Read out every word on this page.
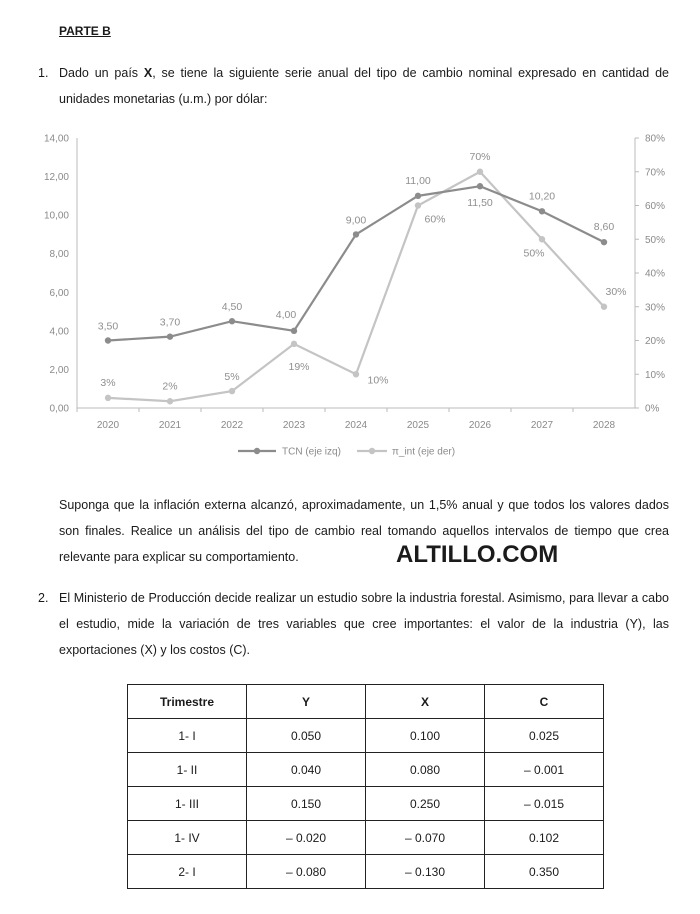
PARTE B
1. Dado un país X, se tiene la siguiente serie anual del tipo de cambio nominal expresado en cantidad de unidades monetarias (u.m.) por dólar:
0,00
2,00
4,00
6,00
8,00
10,00
12,00
14,00
0%
10%
20%
30%
40%
50%
60%
70%
80%
2020	2021	2022	2023	2024	2025	2026	2027	2028
3,50	3,70
4,50
4,00
9,00
11,00
11,50
10,20
8,60
3%	2%
5%
19%
10%
60%
70%
50%
30%
TCN (eje izq)	π_int (eje der)
Suponga que la inflación externa alcanzó, aproximadamente, un 1,5% anual y que todos los valores dados son finales. Realice un análisis del tipo de cambio real tomando aquellos intervalos de tiempo que crea relevante para explicar su comportamiento.	ALTILLO.COM
2. El Ministerio de Producción decide realizar un estudio sobre la industria forestal. Asimismo, para llevar a cabo el estudio, mide la variación de tres variables que cree importantes: el valor de la industria (Y), las exportaciones (X) y los costos (C).
Trimestre	Y	X	C
1- I	0.050	0.100	0.025
1- II	0.040	0.080	– 0.001
1- III	0.150	0.250	– 0.015
1- IV	– 0.020	– 0.070	0.102
2- I	– 0.080	– 0.130	0.350
